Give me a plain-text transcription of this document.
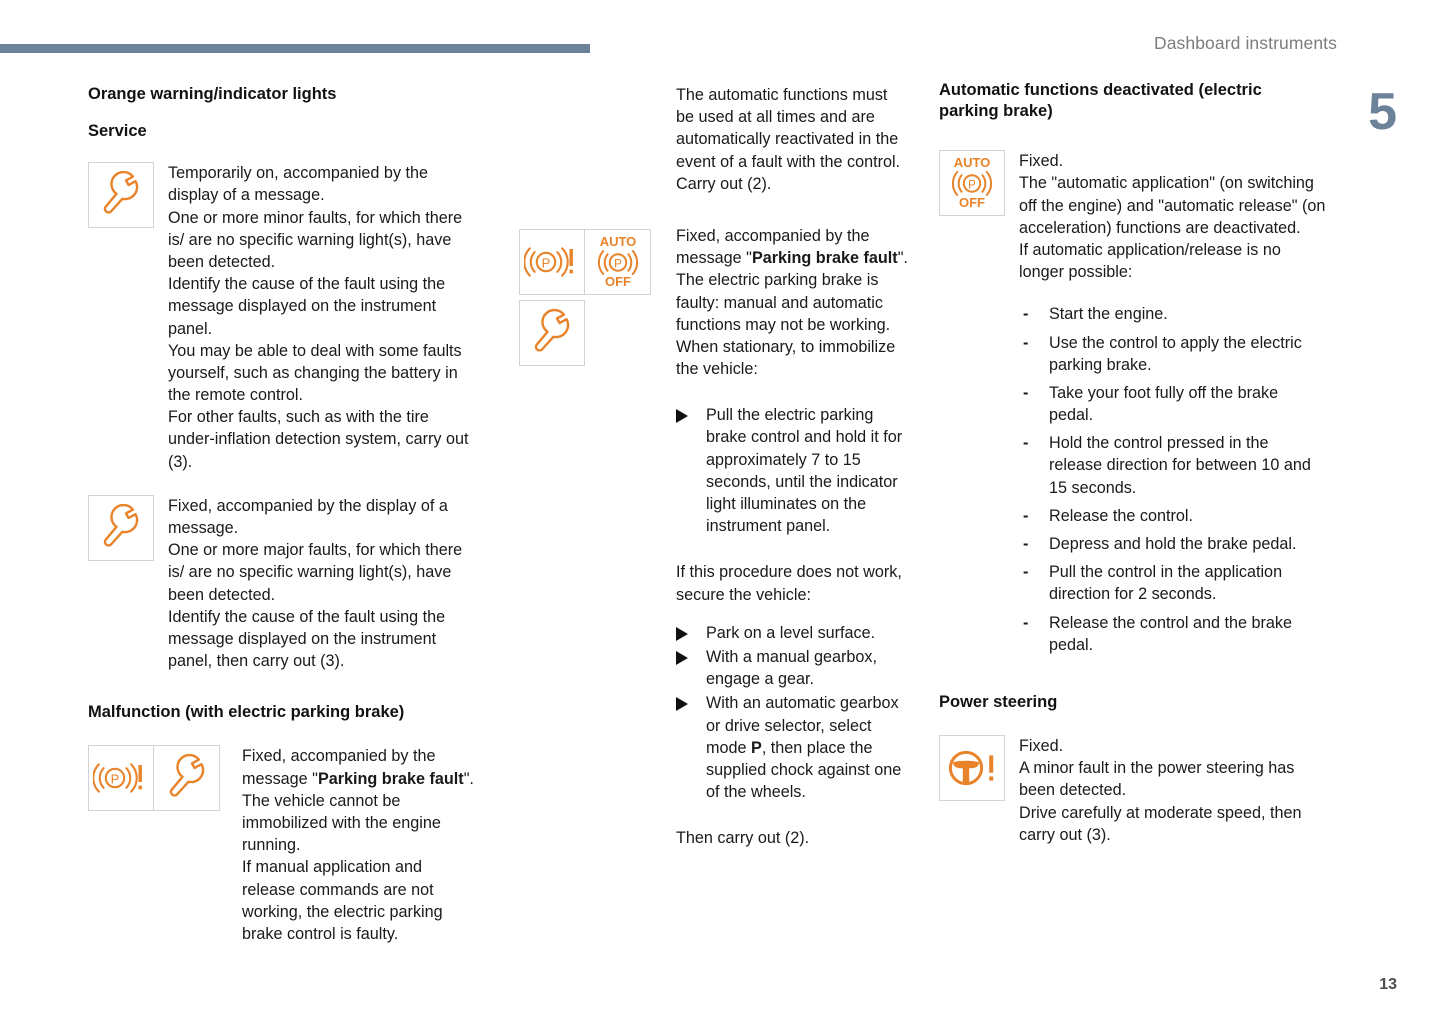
Dashboard instruments
5
13
Orange warning/indicator lights
Service
Temporarily on, accompanied by the display of a message.
One or more minor faults, for which there is/ are no specific warning light(s), have been detected.
Identify the cause of the fault using the message displayed on the instrument panel.
You may be able to deal with some faults yourself, such as changing the battery in the remote control.
For other faults, such as with the tire under-inflation detection system, carry out (3).
Fixed, accompanied by the display of a message.
One or more major faults, for which there is/ are no specific warning light(s), have been detected.
Identify the cause of the fault using the message displayed on the instrument panel, then carry out (3).
Malfunction (with electric parking brake)
P
Fixed, accompanied by the message "Parking brake fault".
The vehicle cannot be immobilized with the engine running.
If manual application and release commands are not working, the electric parking brake control is faulty.
The automatic functions must be used at all times and are automatically reactivated in the event of a fault with the control.
Carry out (2).
P
AUTO
P
OFF
Fixed, accompanied by the message "Parking brake fault".
The electric parking brake is faulty: manual and automatic functions may not be working.
When stationary, to immobilize the vehicle:
Pull the electric parking brake control and hold it for approximately 7 to 15 seconds, until the indicator light illuminates on the instrument panel.
If this procedure does not work, secure the vehicle:
Park on a level surface.
With a manual gearbox, engage a gear.
With an automatic gearbox or drive selector, select mode P, then place the supplied chock against one of the wheels.
Then carry out (2).
Automatic functions deactivated (electric parking brake)
AUTO
P
OFF
Fixed.
The "automatic application" (on switching off the engine) and "automatic release" (on acceleration) functions are deactivated.
If automatic application/release is no longer possible:
- Start the engine.
- Use the control to apply the electric parking brake.
- Take your foot fully off the brake pedal.
- Hold the control pressed in the release direction for between 10 and 15 seconds.
- Release the control.
- Depress and hold the brake pedal.
- Pull the control in the application direction for 2 seconds.
- Release the control and the brake pedal.
Power steering
Fixed.
A minor fault in the power steering has been detected.
Drive carefully at moderate speed, then carry out (3).
